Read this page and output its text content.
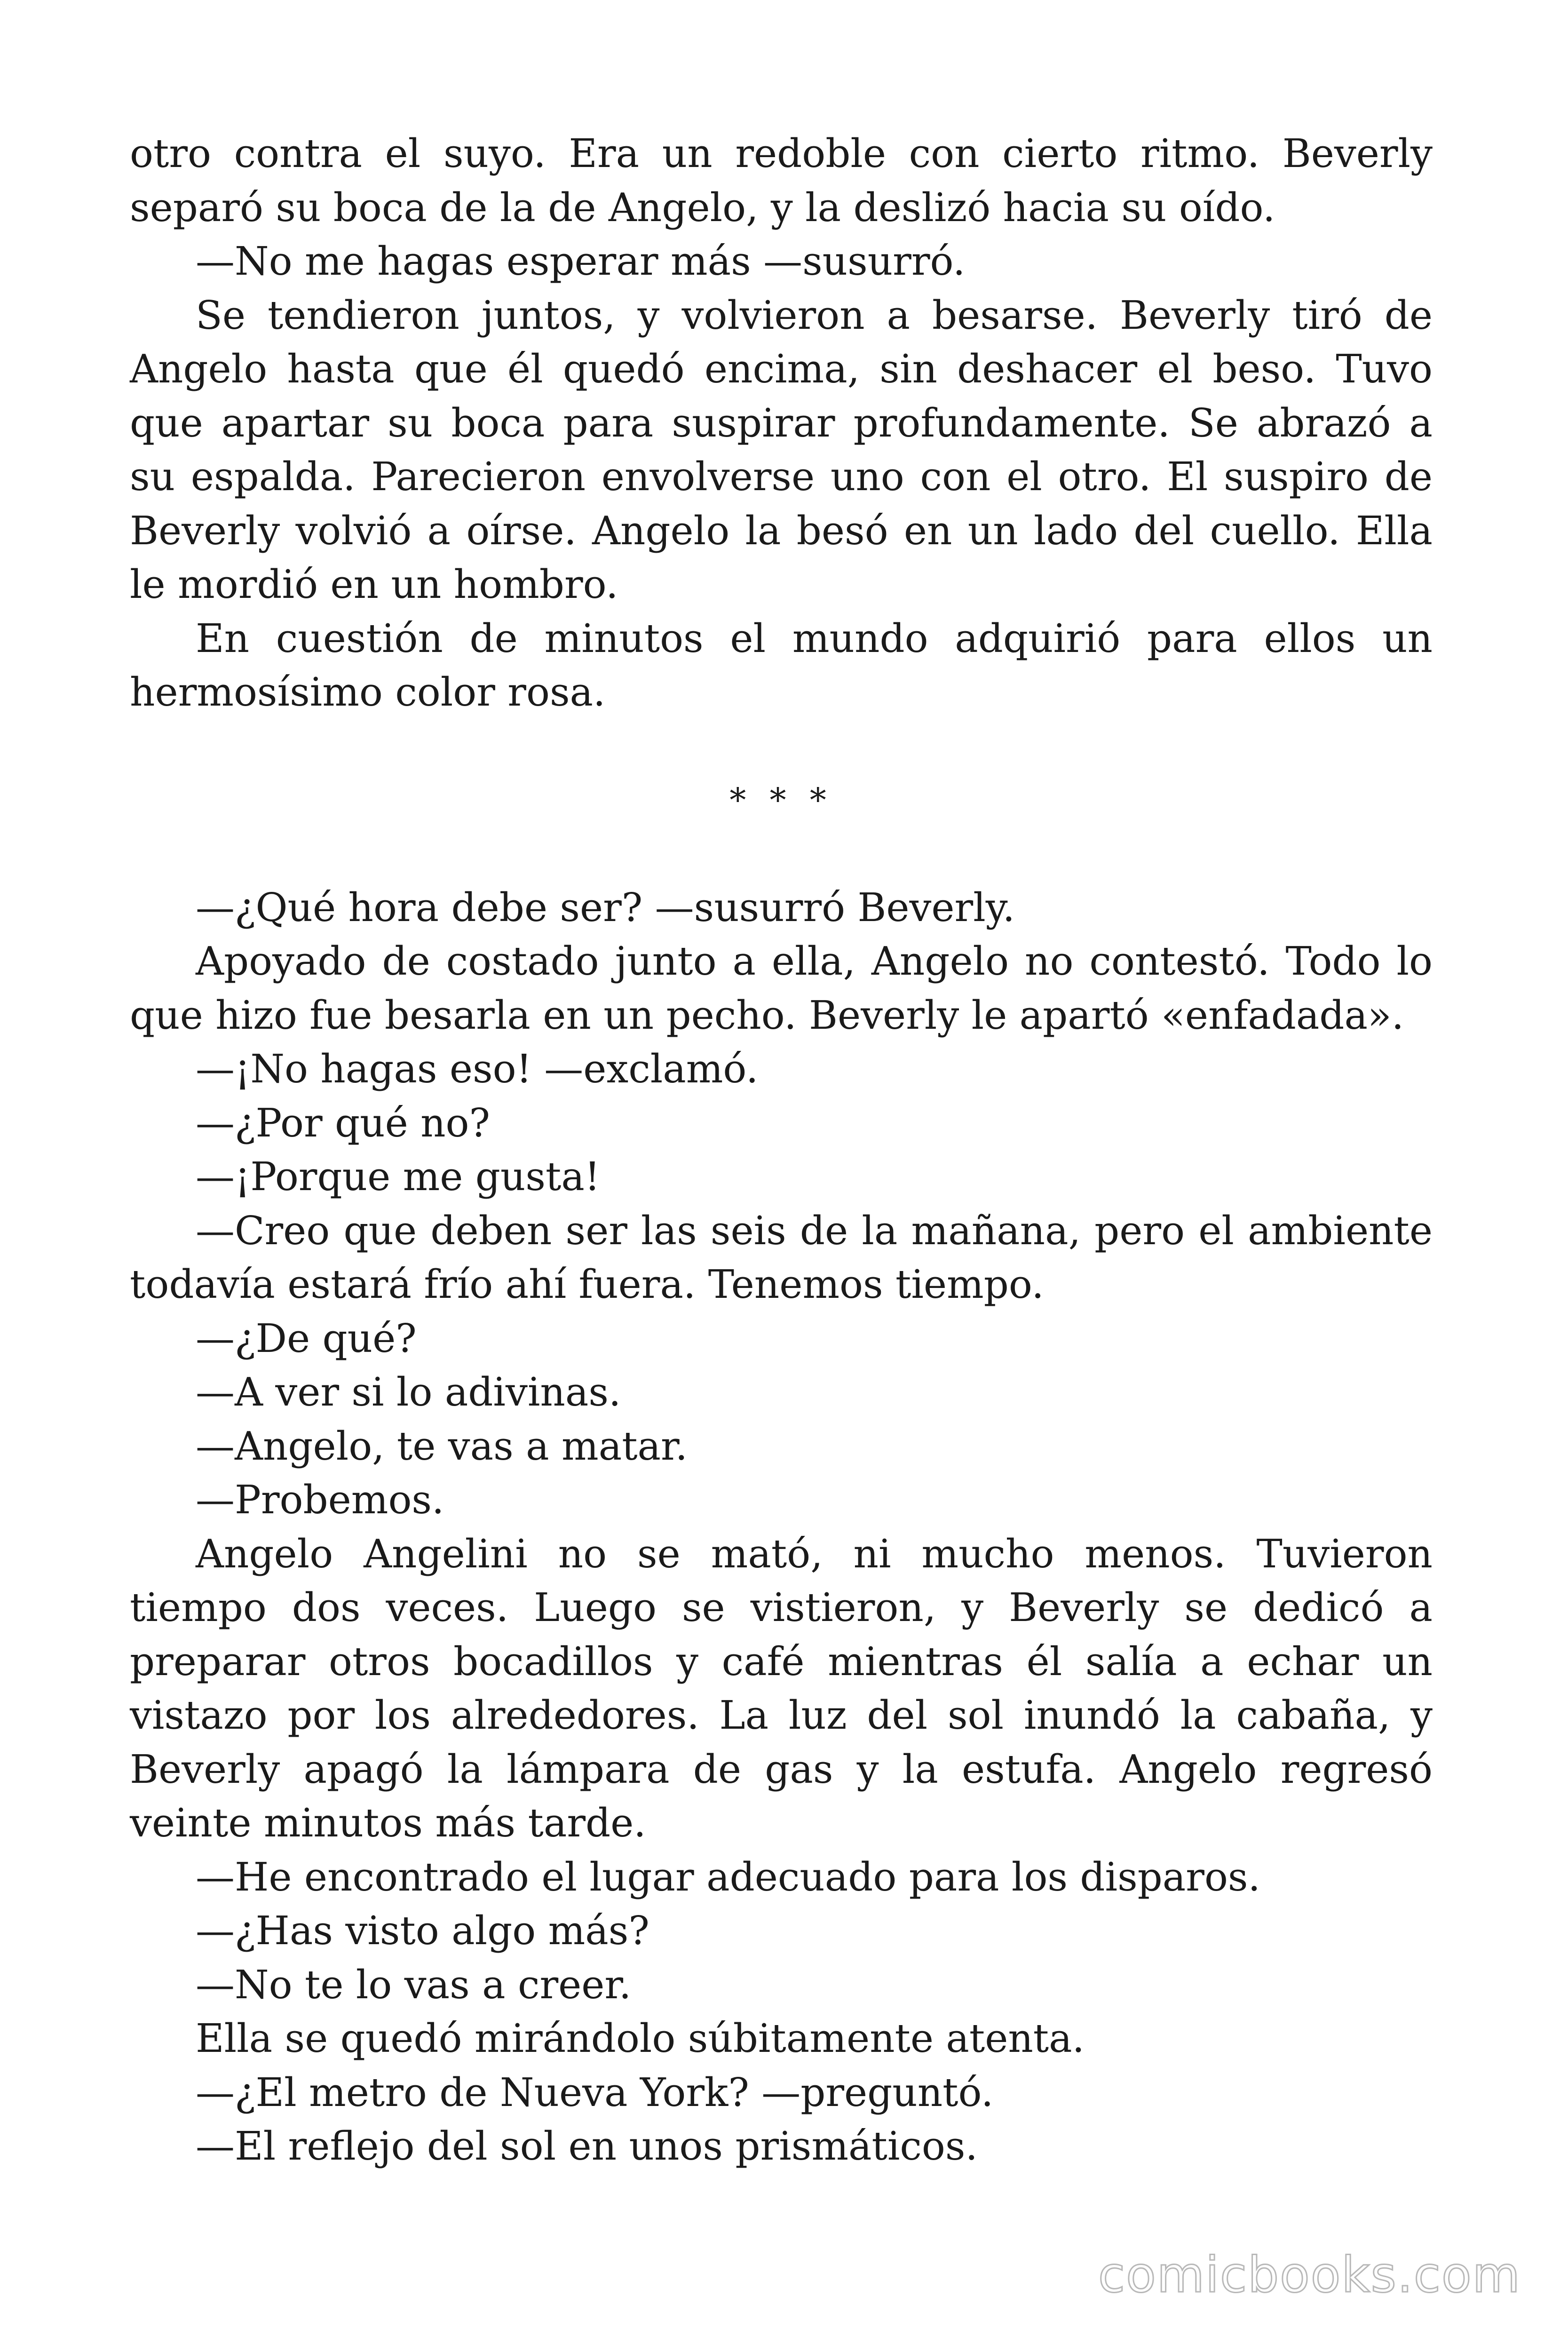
otro contra el suyo. Era un redoble con cierto ritmo. Beverly separó su boca de la de Angelo, y la deslizó hacia su oído.

—No me hagas esperar más —susurró.

Se tendieron juntos, y volvieron a besarse. Beverly tiró de Angelo hasta que él quedó encima, sin deshacer el beso. Tuvo que apartar su boca para suspirar profundamente. Se abrazó a su espalda. Parecieron envolverse uno con el otro. El suspiro de Beverly volvió a oírse. Angelo la besó en un lado del cuello. Ella le mordió en un hombro.

En cuestión de minutos el mundo adquirió para ellos un hermosísimo color rosa.

* * *

—¿Qué hora debe ser? —susurró Beverly.

Apoyado de costado junto a ella, Angelo no contestó. Todo lo que hizo fue besarla en un pecho. Beverly le apartó «enfadada».

—¡No hagas eso! —exclamó.

—¿Por qué no?

—¡Porque me gusta!

—Creo que deben ser las seis de la mañana, pero el ambiente todavía estará frío ahí fuera. Tenemos tiempo.

—¿De qué?

—A ver si lo adivinas.

—Angelo, te vas a matar.

—Probemos.

Angelo Angelini no se mató, ni mucho menos. Tuvieron tiempo dos veces. Luego se vistieron, y Beverly se dedicó a preparar otros bocadillos y café mientras él salía a echar un vistazo por los alrededores. La luz del sol inundó la cabaña, y Beverly apagó la lámpara de gas y la estufa. Angelo regresó veinte minutos más tarde.

—He encontrado el lugar adecuado para los disparos.

—¿Has visto algo más?

—No te lo vas a creer.

Ella se quedó mirándolo súbitamente atenta.

—¿El metro de Nueva York? —preguntó.

—El reflejo del sol en unos prismáticos.

comicbooks.com
